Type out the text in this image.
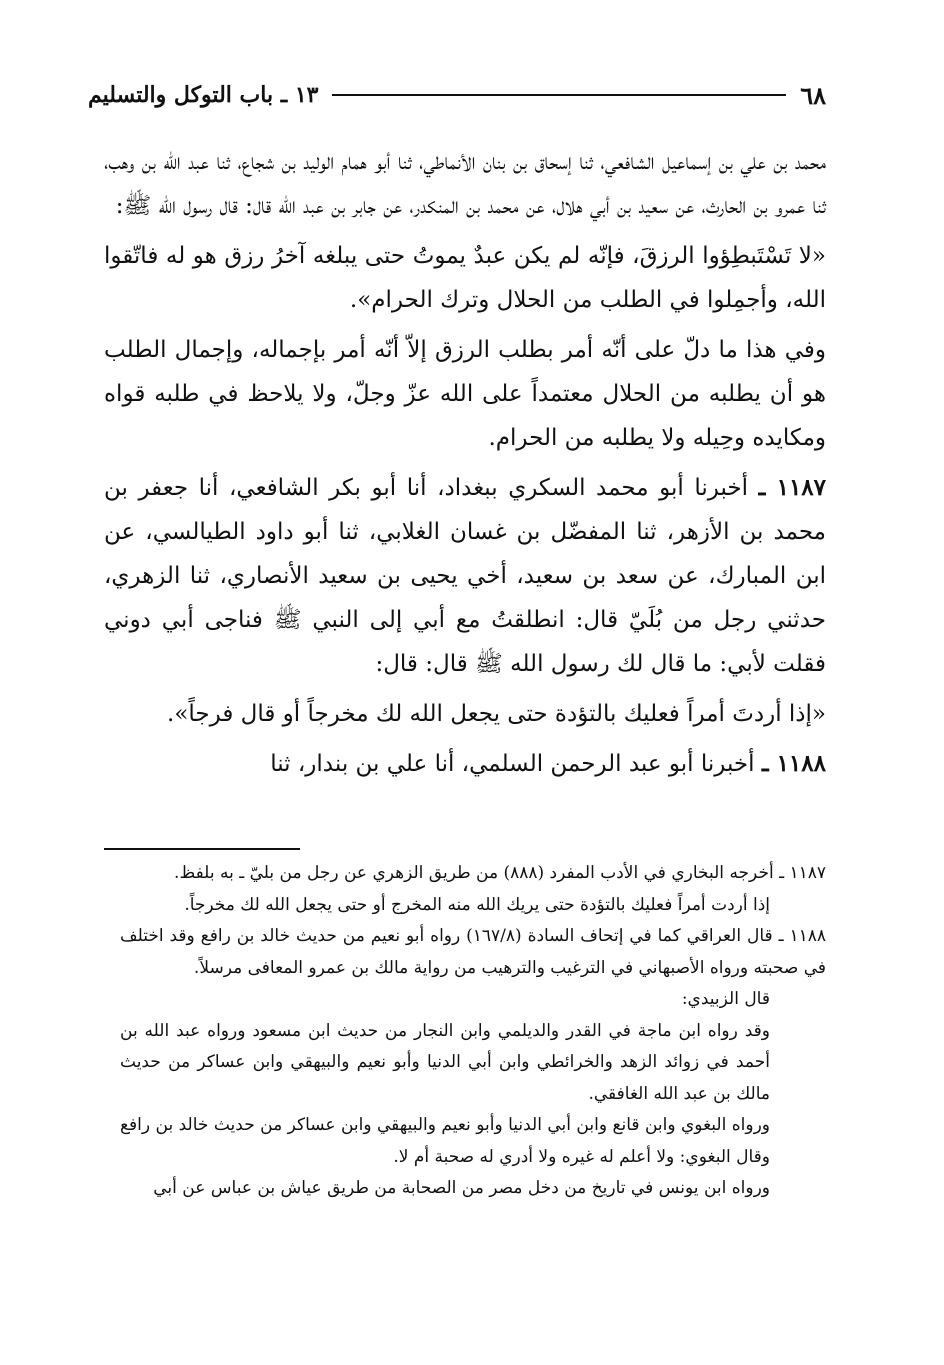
١٣ ـ باب التوكل والتسليم	٦٨

محمد بن علي بن إسماعيل الشافعي، ثنا إسحاق بن بنان الأنماطي، ثنا أبو همام الوليد بن شجاع، ثنا عبد الله بن وهب، ثنا عمرو بن الحارث، عن سعيد بن أبي هلال، عن محمد بن المنكدر، عن جابر بن عبد الله قال: قال رسول الله ﷺ:

«لا تَسْتَبطِؤوا الرزقَ، فإنّه لم يكن عبدٌ يموتُ حتى يبلغه آخرُ رزق هو له فاتّقوا الله، وأجمِلوا في الطلب من الحلال وترك الحرام».

وفي هذا ما دلّ على أنّه أمر بطلب الرزق إلاّ أنّه أمر بإجماله، وإجمال الطلب هو أن يطلبه من الحلال معتمداً على الله عزّ وجلّ، ولا يلاحظ في طلبه قواه ومكايده وحِيله ولا يطلبه من الحرام.

١١٨٧ ـ أخبرنا أبو محمد السكري ببغداد، أنا أبو بكر الشافعي، أنا جعفر بن محمد بن الأزهر، ثنا المفضّل بن غسان الغلابي، ثنا أبو داود الطيالسي، عن ابن المبارك، عن سعد بن سعيد، أخي يحيى بن سعيد الأنصاري، ثنا الزهري، حدثني رجل من بُلَيّ قال: انطلقتُ مع أبي إلى النبي ﷺ فناجى أبي دوني فقلت لأبي: ما قال لك رسول الله ﷺ قال: قال:

«إذا أردتَ أمراً فعليك بالتؤدة حتى يجعل الله لك مخرجاً أو قال فرجاً».

١١٨٨ ـ أخبرنا أبو عبد الرحمن السلمي، أنا علي بن بندار، ثنا

١١٨٧ ـ أخرجه البخاري في الأدب المفرد (٨٨٨) من طريق الزهري عن رجل من بليّ ـ به بلفظ.

إذا أردت أمراً فعليك بالتؤدة حتى يريك الله منه المخرج أو حتى يجعل الله لك مخرجاً.

١١٨٨ ـ قال العراقي كما في إتحاف السادة (١٦٧/٨) رواه أبو نعيم من حديث خالد بن رافع وقد اختلف في صحبته ورواه الأصبهاني في الترغيب والترهيب من رواية مالك بن عمرو المعافى مرسلاً.

قال الزبيدي:

وقد رواه ابن ماجة في القدر والديلمي وابن النجار من حديث ابن مسعود ورواه عبد الله بن أحمد في زوائد الزهد والخرائطي وابن أبي الدنيا وأبو نعيم والبيهقي وابن عساكر من حديث مالك بن عبد الله الغافقي.

ورواه البغوي وابن قانع وابن أبي الدنيا وأبو نعيم والبيهقي وابن عساكر من حديث خالد بن رافع وقال البغوي: ولا أعلم له غيره ولا أدري له صحبة أم لا.

ورواه ابن يونس في تاريخ من دخل مصر من الصحابة من طريق عياش بن عباس عن أبي
